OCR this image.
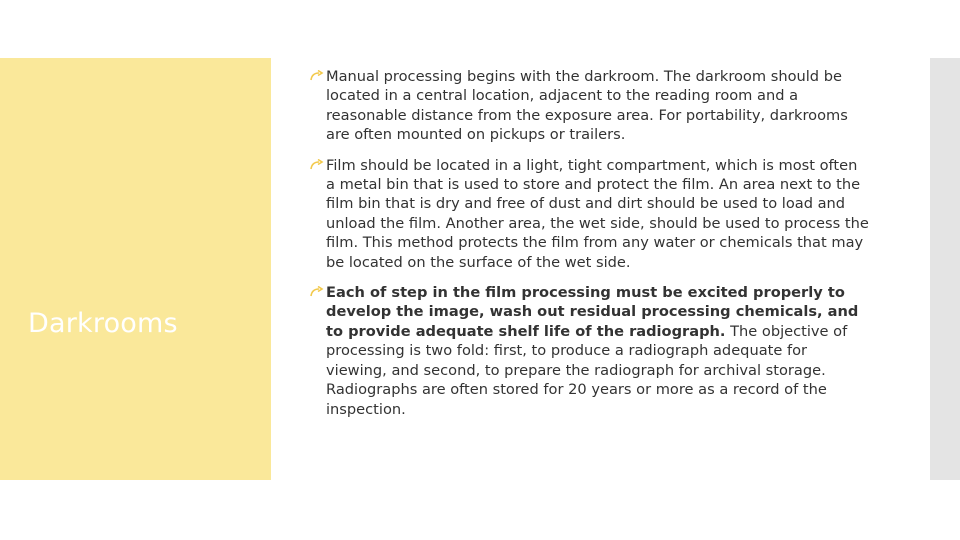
Darkrooms
Manual processing begins with the darkroom. The darkroom should be located in a central location, adjacent to the reading room and a reasonable distance from the exposure area. For portability, darkrooms are often mounted on pickups or trailers.
Film should be located in a light, tight compartment, which is most often a metal bin that is used to store and protect the film. An area next to the film bin that is dry and free of dust and dirt should be used to load and unload the film. Another area, the wet side, should be used to process the film. This method protects the film from any water or chemicals that may be located on the surface of the wet side.
Each of step in the film processing must be excited properly to develop the image, wash out residual processing chemicals, and to provide adequate shelf life of the radiograph. The objective of processing is two fold: first, to produce a radiograph adequate for viewing, and second, to prepare the radiograph for archival storage. Radiographs are often stored for 20 years or more as a record of the inspection.
